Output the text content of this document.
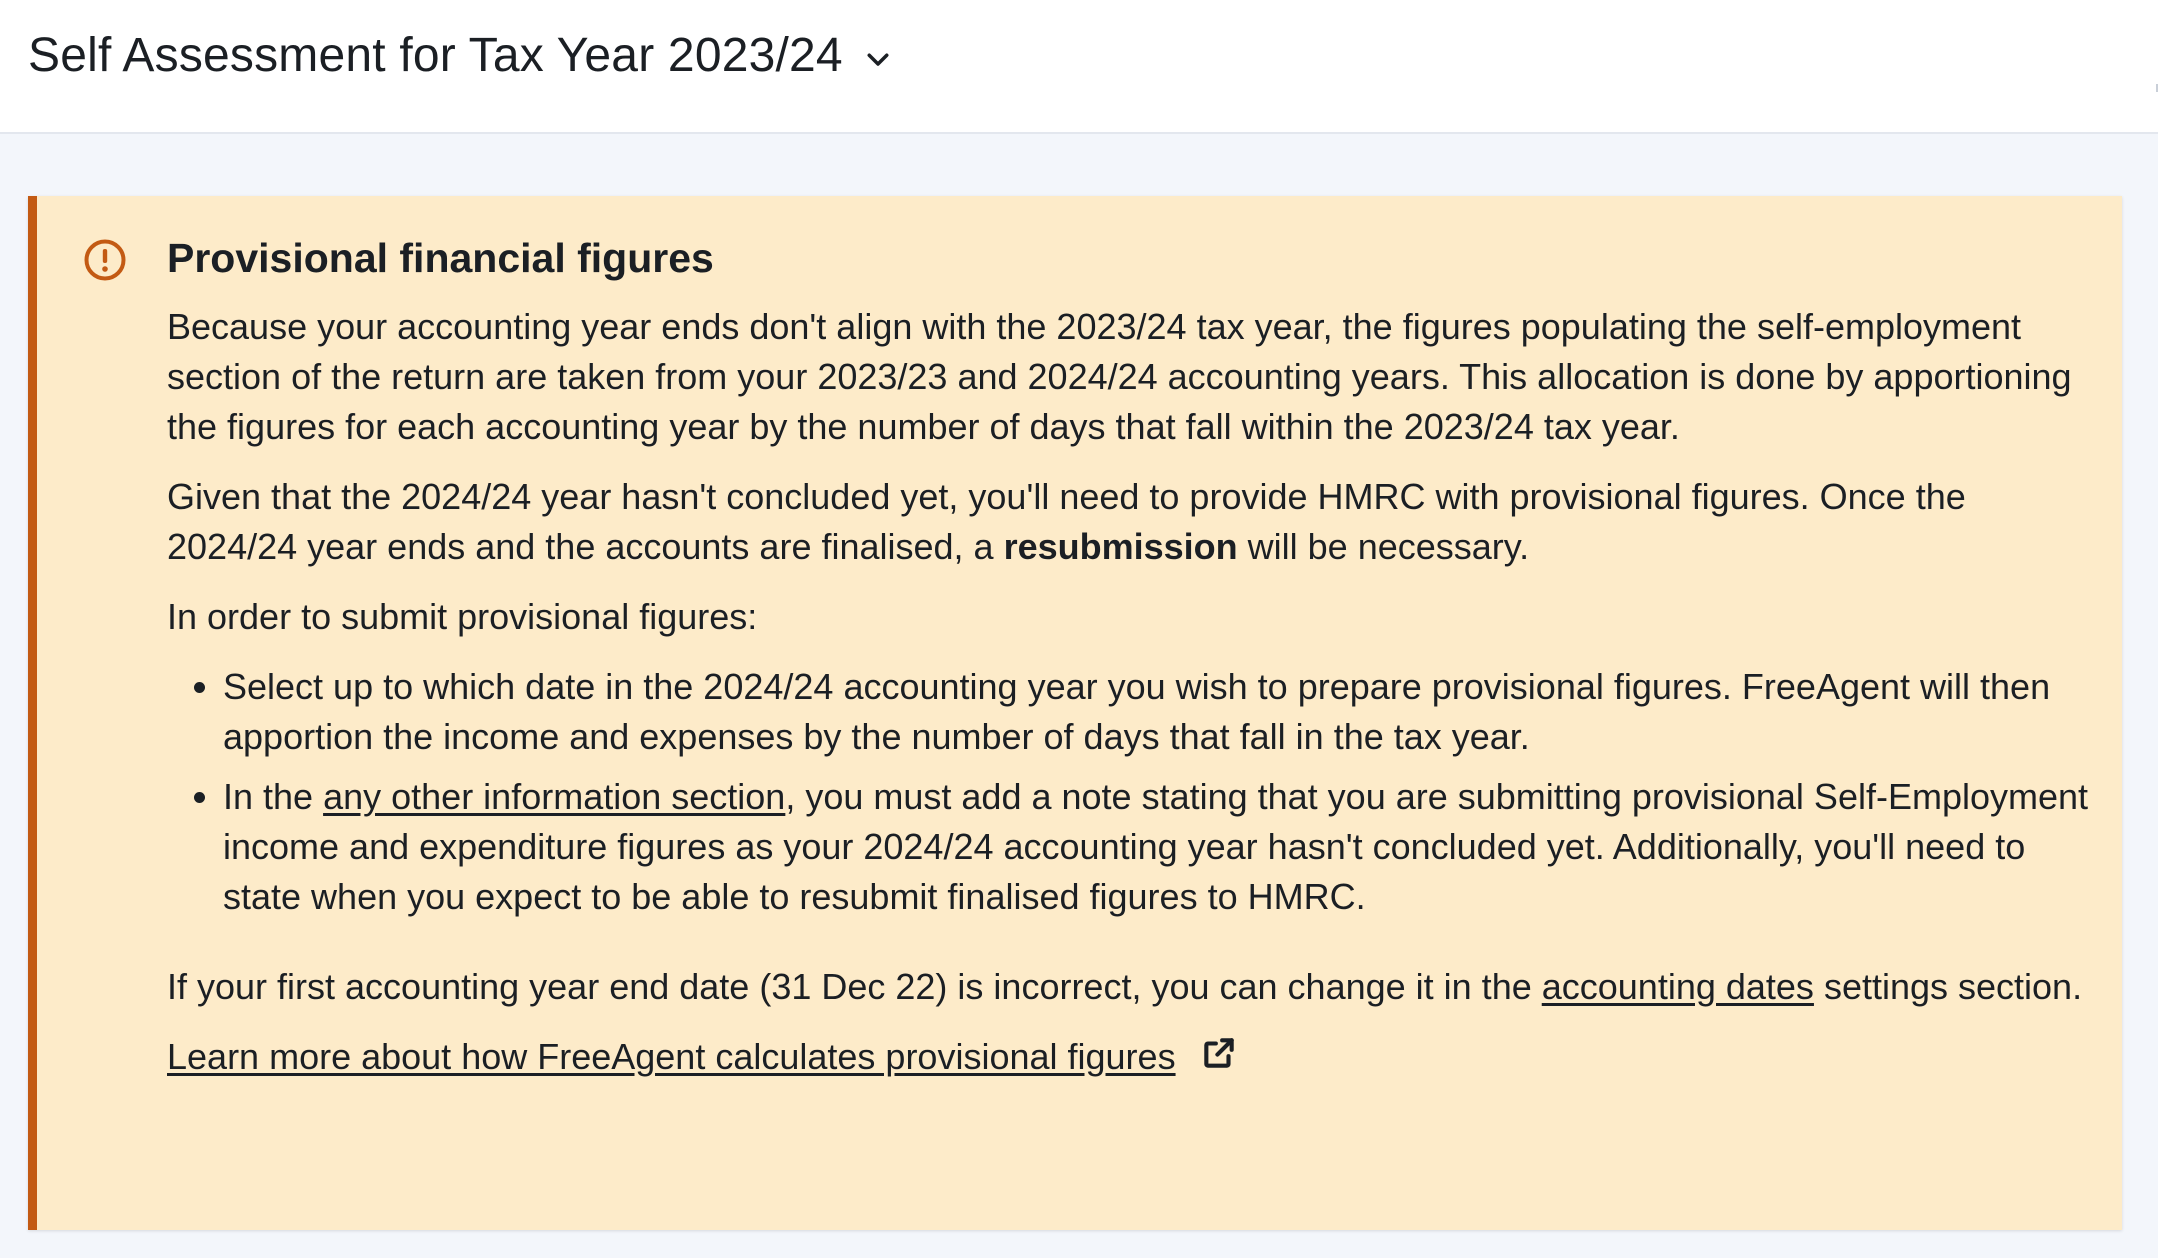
Self Assessment for Tax Year 2023/24
Provisional financial figures

Because your accounting year ends don't align with the 2023/24 tax year, the figures populating the self-employment section of the return are taken from your 2023/23 and 2024/24 accounting years. This allocation is done by apportioning the figures for each accounting year by the number of days that fall within the 2023/24 tax year.

Given that the 2024/24 year hasn't concluded yet, you'll need to provide HMRC with provisional figures. Once the 2024/24 year ends and the accounts are finalised, a resubmission will be necessary.

In order to submit provisional figures:

• Select up to which date in the 2024/24 accounting year you wish to prepare provisional figures. FreeAgent will then apportion the income and expenses by the number of days that fall in the tax year.
• In the any other information section, you must add a note stating that you are submitting provisional Self-Employment income and expenditure figures as your 2024/24 accounting year hasn't concluded yet. Additionally, you'll need to state when you expect to be able to resubmit finalised figures to HMRC.

If your first accounting year end date (31 Dec 22) is incorrect, you can change it in the accounting dates settings section.

Learn more about how FreeAgent calculates provisional figures
